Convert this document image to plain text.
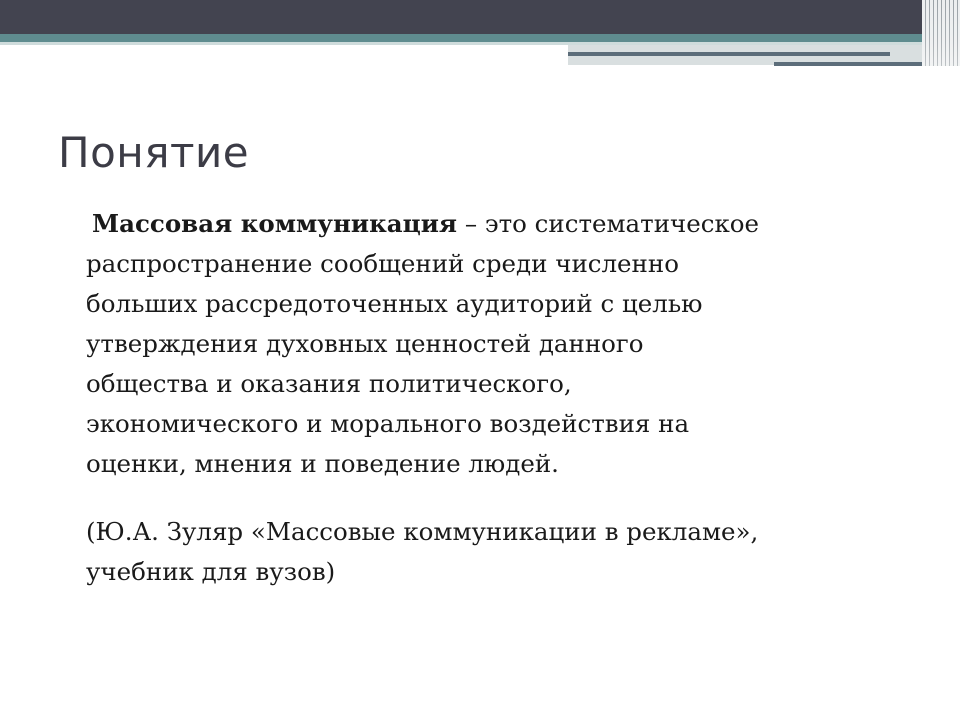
Понятие

Массовая коммуникация – это систематическое
распространение сообщений среди численно
больших рассредоточенных аудиторий с целью
утверждения духовных ценностей данного
общества и оказания политического,
экономического и морального воздействия на
оценки, мнения и поведение людей.

(Ю.А. Зуляр «Массовые коммуникации в рекламе»,
учебник для вузов)
